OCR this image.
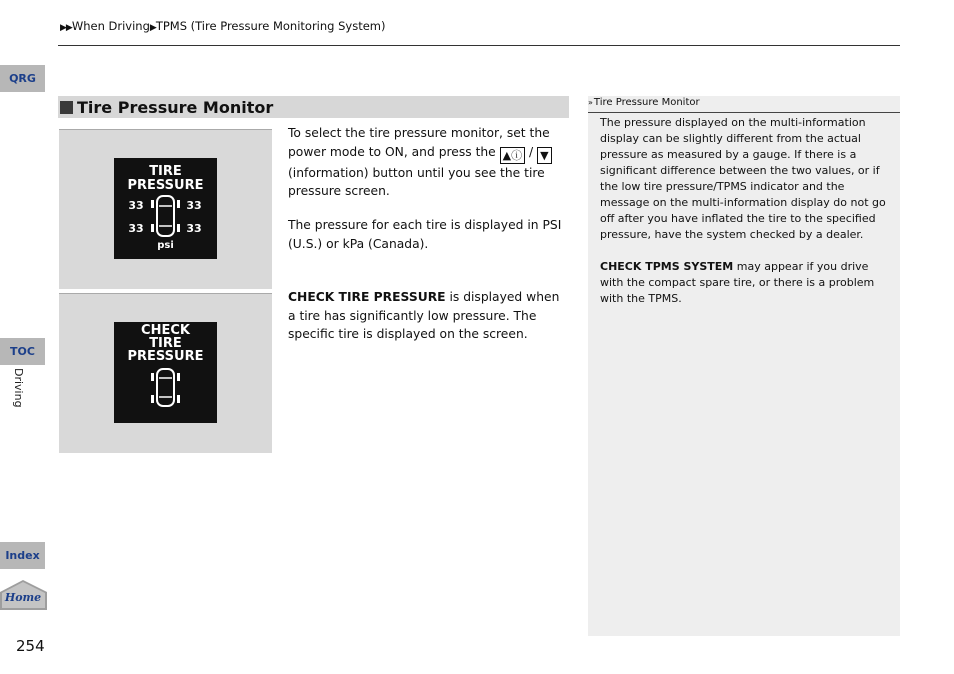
▶▶When Driving▶TPMS (Tire Pressure Monitoring System)
QRG
TOC
Driving
Index
Home
254
Tire Pressure Monitor
TIRE
PRESSURE
33	33
33	33
psi
CHECK
TIRE
PRESSURE
To select the tire pressure monitor, set the power mode to ON, and press the ▲ⓘ / ▼ (information) button until you see the tire pressure screen.
The pressure for each tire is displayed in PSI (U.S.) or kPa (Canada).
CHECK TIRE PRESSURE is displayed when a tire has significantly low pressure. The specific tire is displayed on the screen.
»Tire Pressure Monitor
The pressure displayed on the multi-information display can be slightly different from the actual pressure as measured by a gauge. If there is a significant difference between the two values, or if the low tire pressure/TPMS indicator and the message on the multi-information display do not go off after you have inflated the tire to the specified pressure, have the system checked by a dealer.
CHECK TPMS SYSTEM may appear if you drive with the compact spare tire, or there is a problem with the TPMS.
